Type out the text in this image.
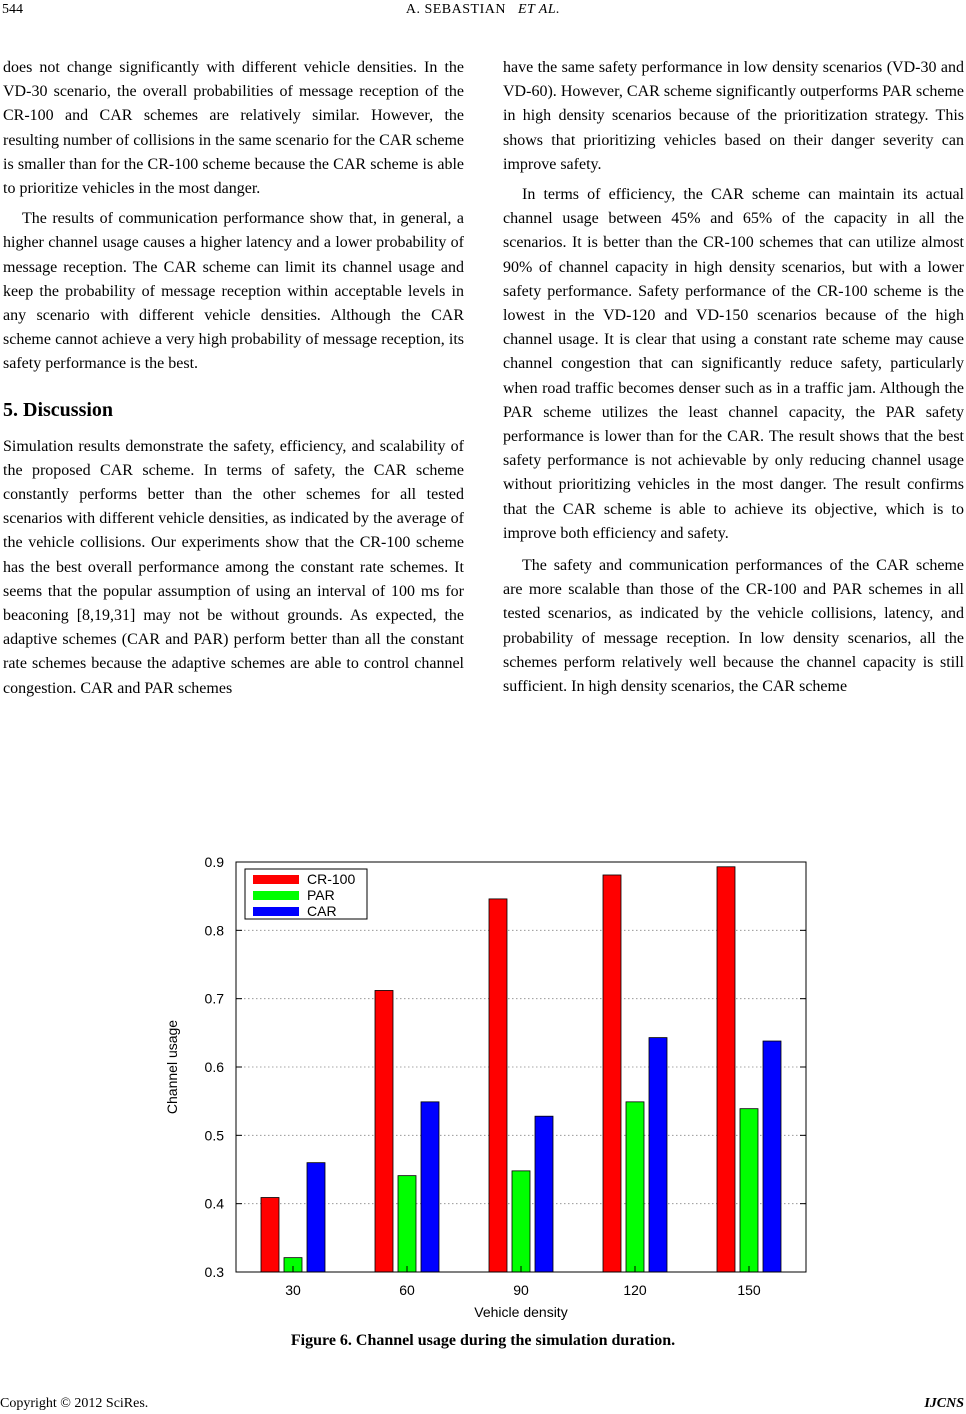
544	A. SEBASTIAN ET AL.

does not change significantly with different vehicle densities. In the VD-30 scenario, the overall probabilities of message reception of the CR-100 and CAR schemes are relatively similar. However, the resulting number of collisions in the same scenario for the CAR scheme is smaller than for the CR-100 scheme because the CAR scheme is able to prioritize vehicles in the most danger.

The results of communication performance show that, in general, a higher channel usage causes a higher latency and a lower probability of message reception. The CAR scheme can limit its channel usage and keep the probability of message reception within acceptable levels in any scenario with different vehicle densities. Although the CAR scheme cannot achieve a very high probability of message reception, its safety performance is the best.

5. Discussion

Simulation results demonstrate the safety, efficiency, and scalability of the proposed CAR scheme. In terms of safety, the CAR scheme constantly performs better than the other schemes for all tested scenarios with different vehicle densities, as indicated by the average of the vehicle collisions. Our experiments show that the CR-100 scheme has the best overall performance among the constant rate schemes. It seems that the popular assumption of using an interval of 100 ms for beaconing [8,19,31] may not be without grounds. As expected, the adaptive schemes (CAR and PAR) perform better than all the constant rate schemes because the adaptive schemes are able to control channel congestion. CAR and PAR schemes

have the same safety performance in low density scenarios (VD-30 and VD-60). However, CAR scheme significantly outperforms PAR scheme in high density scenarios because of the prioritization strategy. This shows that prioritizing vehicles based on their danger severity can improve safety.

In terms of efficiency, the CAR scheme can maintain its actual channel usage between 45% and 65% of the capacity in all the scenarios. It is better than the CR-100 schemes that can utilize almost 90% of channel capacity in high density scenarios, but with a lower safety performance. Safety performance of the CR-100 scheme is the lowest in the VD-120 and VD-150 scenarios because of the high channel usage. It is clear that using a constant rate scheme may cause channel congestion that can significantly reduce safety, particularly when road traffic becomes denser such as in a traffic jam. Although the PAR scheme utilizes the least channel capacity, the PAR safety performance is lower than for the CAR. The result shows that the best safety performance is not achievable by only reducing channel usage without prioritizing vehicles in the most danger. The result confirms that the CAR scheme is able to achieve its objective, which is to improve both efficiency and safety.

The safety and communication performances of the CAR scheme are more scalable than those of the CR-100 and PAR schemes in all tested scenarios, as indicated by the vehicle collisions, latency, and probability of message reception. In low density scenarios, all the schemes perform relatively well because the channel capacity is still sufficient. In high density scenarios, the CAR scheme

0.3
0.4
0.5
0.6
0.7
0.8
0.9
30	60	90	120	150
Channel usage
Vehicle density
CR-100
PAR
CAR
Figure 6. Channel usage during the simulation duration.
Copyright © 2012 SciRes.	IJCNS
